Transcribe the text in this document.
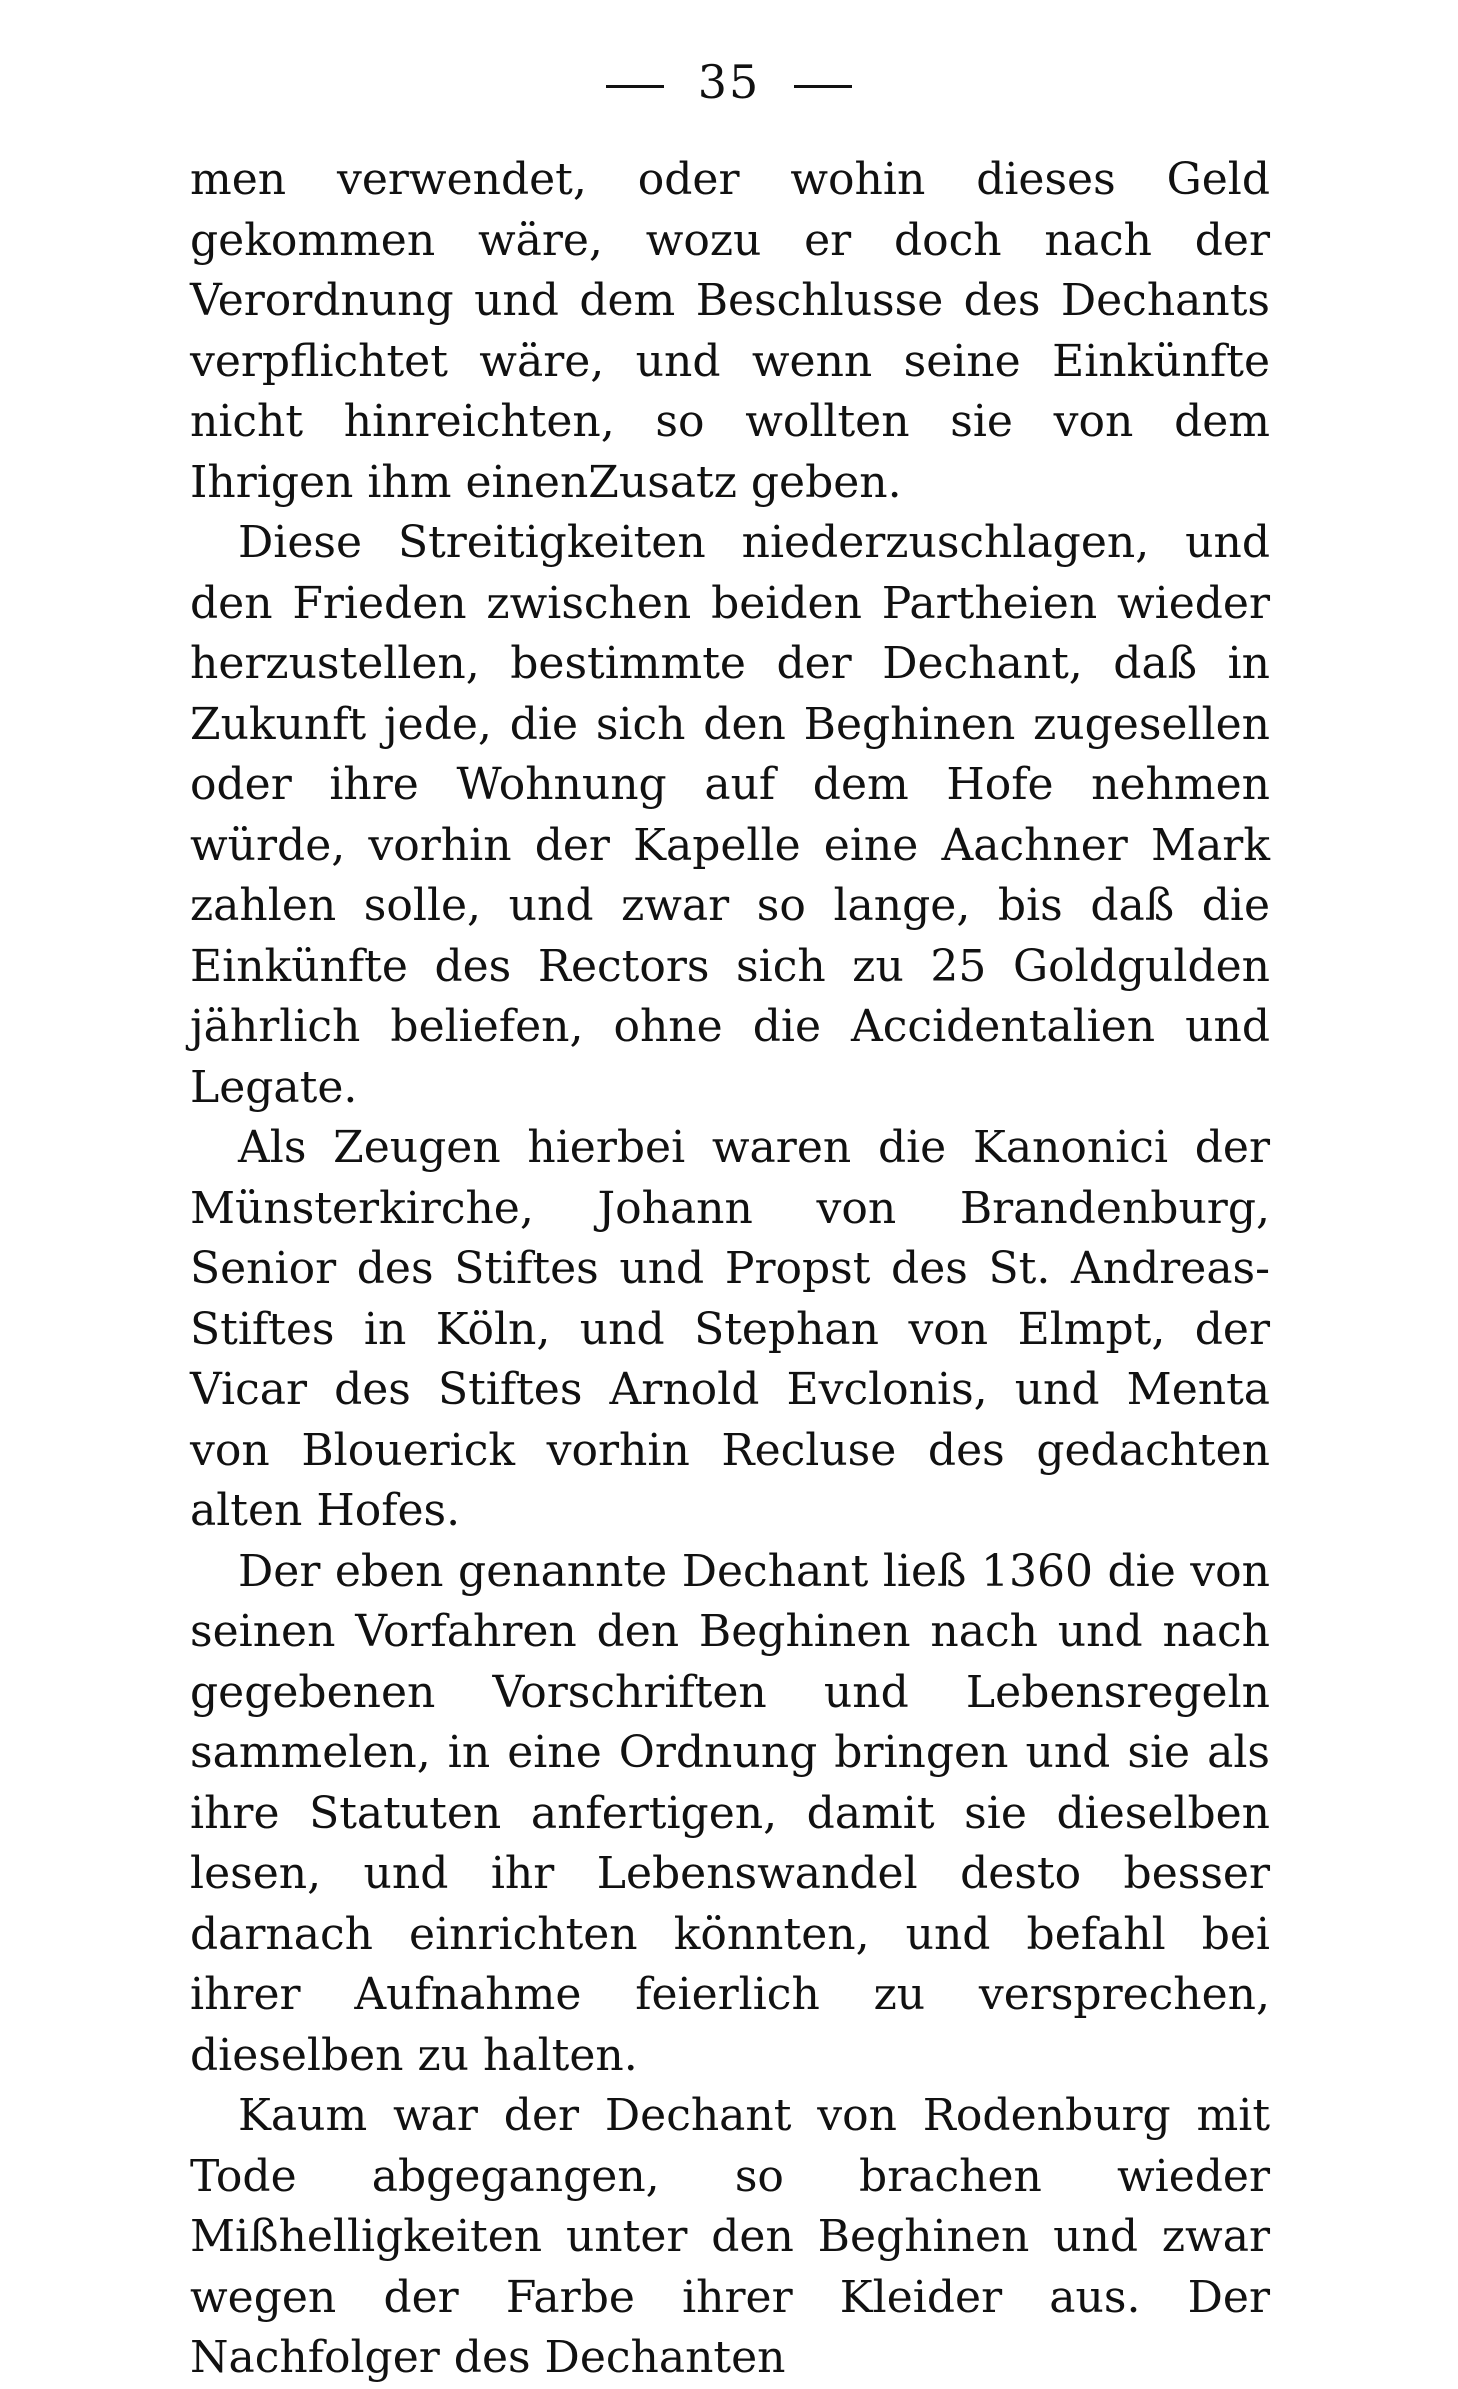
35

men verwendet, oder wohin dieses Geld gekommen wäre, wozu er doch nach der Verordnung und dem Beschlusse des Dechants verpflichtet wäre, und wenn seine Einkünfte nicht hinreichten, so wollten sie von dem Ihrigen ihm einenZusatz geben.

Diese Streitigkeiten niederzuschlagen, und den Frieden zwischen beiden Partheien wieder herzustellen, bestimmte der Dechant, daß in Zukunft jede, die sich den Beghinen zugesellen oder ihre Wohnung auf dem Hofe nehmen würde, vorhin der Kapelle eine Aachner Mark zahlen solle, und zwar so lange, bis daß die Einkünfte des Rectors sich zu 25 Goldgulden jährlich beliefen, ohne die Accidentalien und Legate.

Als Zeugen hierbei waren die Kanonici der Münsterkirche, Johann von Brandenburg, Senior des Stiftes und Propst des St. Andreas-Stiftes in Köln, und Stephan von Elmpt, der Vicar des Stiftes Arnold Evclonis, und Menta von Blouerick vorhin Recluse des gedachten alten Hofes.

Der eben genannte Dechant ließ 1360 die von seinen Vorfahren den Beghinen nach und nach gegebenen Vorschriften und Lebensregeln sammelen, in eine Ordnung bringen und sie als ihre Statuten anfertigen, damit sie dieselben lesen, und ihr Lebenswandel desto besser darnach einrichten könnten, und befahl bei ihrer Aufnahme feierlich zu versprechen, dieselben zu halten.

Kaum war der Dechant von Rodenburg mit Tode abgegangen, so brachen wieder Mißhelligkeiten unter den Beghinen und zwar wegen der Farbe ihrer Kleider aus. Der Nachfolger des Dechanten
